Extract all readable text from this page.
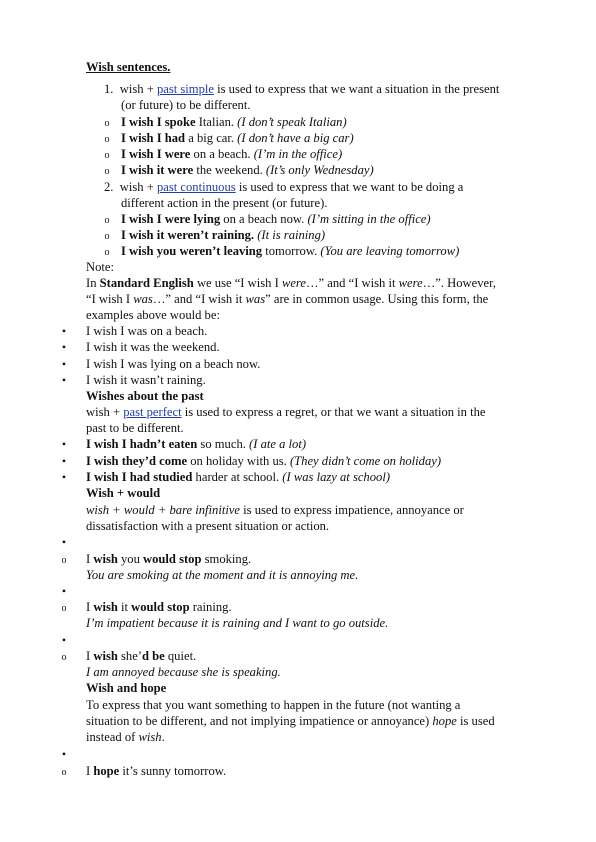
Wish sentences.
1. wish + past simple is used to express that we want a situation in the present
(or future) to be different.
o
I wish I spoke Italian. (I don’t speak Italian)
o
I wish I had a big car. (I don’t have a big car)
o
I wish I were on a beach. (I’m in the office)
o
I wish it were the weekend. (It’s only Wednesday)
2. wish + past continuous is used to express that we want to be doing a
different action in the present (or future).
o
I wish I were lying on a beach now. (I’m sitting in the office)
o
I wish it weren’t raining. (It is raining)
o
I wish you weren’t leaving tomorrow. (You are leaving tomorrow)
Note:
In Standard English we use “I wish I were…” and “I wish it were…”. However,
“I wish I was…” and “I wish it was” are in common usage. Using this form, the
examples above would be:
•
I wish I was on a beach.
•
I wish it was the weekend.
•
I wish I was lying on a beach now.
•
I wish it wasn’t raining.
Wishes about the past
wish + past perfect is used to express a regret, or that we want a situation in the
past to be different.
•
I wish I hadn’t eaten so much. (I ate a lot)
•
I wish they’d come on holiday with us. (They didn’t come on holiday)
•
I wish I had studied harder at school. (I was lazy at school)
Wish + would
wish + would + bare infinitive is used to express impatience, annoyance or
dissatisfaction with a present situation or action.
•
o
I wish you would stop smoking.
You are smoking at the moment and it is annoying me.
•
o
I wish it would stop raining.
I’m impatient because it is raining and I want to go outside.
•
o
I wish she’d be quiet.
I am annoyed because she is speaking.
Wish and hope
To express that you want something to happen in the future (not wanting a
situation to be different, and not implying impatience or annoyance) hope is used
instead of wish.
•
o
I hope it’s sunny tomorrow.
